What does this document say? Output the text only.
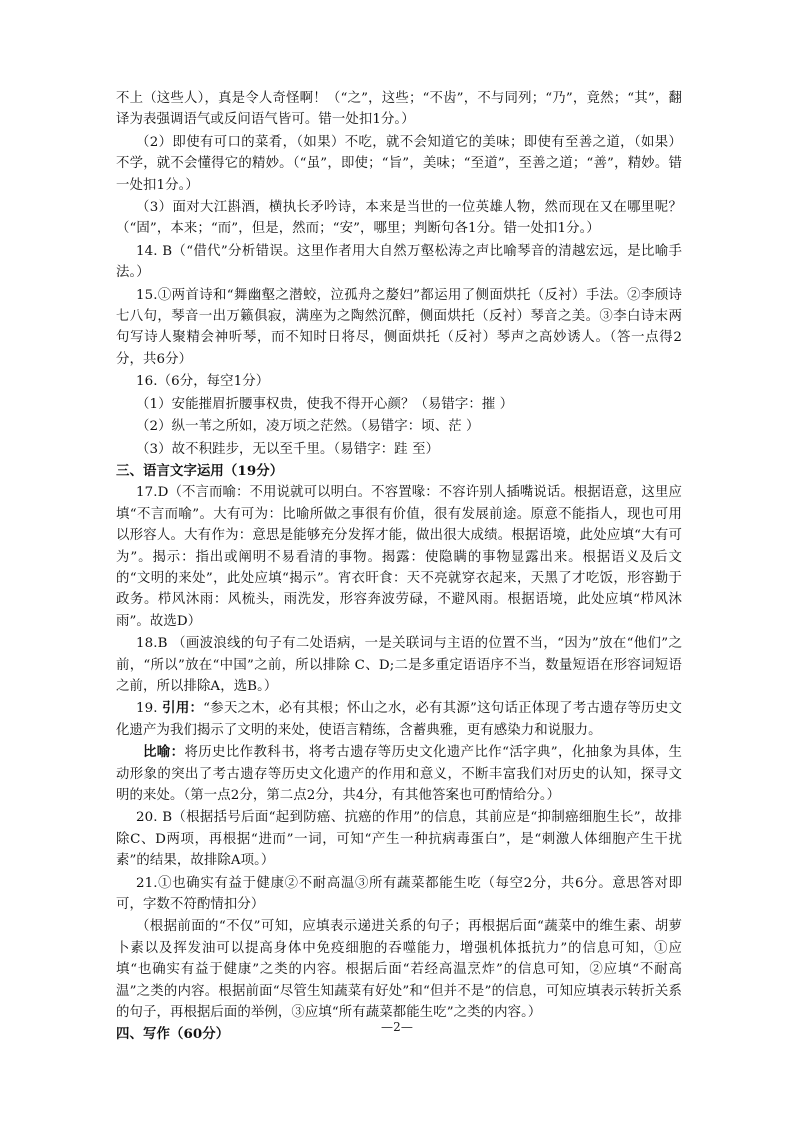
不上（这些人），真是令人奇怪啊！（“之”，这些；“不齿”，不与同列；“乃”，竟然；“其”，翻译为表强调语气或反问语气皆可。错一处扣1分。）

（2）即使有可口的菜肴，（如果）不吃，就不会知道它的美味；即使有至善之道，（如果）不学，就不会懂得它的精妙。（“虽”，即使；“旨”，美味；“至道”，至善之道；“善”，精妙。错一处扣1分。）

（3）面对大江斟酒，横执长矛吟诗，本来是当世的一位英雄人物，然而现在又在哪里呢？（“固”，本来；“而”，但是，然而；“安”，哪里；判断句各1分。错一处扣1分。）

14. B（“借代”分析错误。这里作者用大自然万壑松涛之声比喻琴音的清越宏远，是比喻手法。）

15.①两首诗和“舞幽壑之潜蛟，泣孤舟之嫠妇”都运用了侧面烘托（反衬）手法。②李颀诗七八句，琴音一出万籁俱寂，满座为之陶然沉醉，侧面烘托（反衬）琴音之美。③李白诗末两句写诗人聚精会神听琴，而不知时日将尽，侧面烘托（反衬）琴声之高妙诱人。（答一点得2分，共6分）

16.（6分，每空1分）

（1）安能摧眉折腰事权贵，使我不得开心颜？（易错字：摧 ）

（2）纵一苇之所如，凌万顷之茫然。（易错字：顷、茫 ）

（3）故不积跬步，无以至千里。（易错字：跬 至）

三、语言文字运用（19分）

17.D（不言而喻：不用说就可以明白。不容置喙：不容许别人插嘴说话。根据语意，这里应填“不言而喻”。大有可为：比喻所做之事很有价值，很有发展前途。原意不能指人，现也可用以形容人。大有作为：意思是能够充分发挥才能，做出很大成绩。根据语境，此处应填“大有可为”。揭示：指出或阐明不易看清的事物。揭露：使隐瞒的事物显露出来。根据语义及后文的“文明的来处”，此处应填“揭示”。宵衣旰食：天不亮就穿衣起来，天黑了才吃饭，形容勤于政务。栉风沐雨：风梳头，雨洗发，形容奔波劳碌，不避风雨。根据语境，此处应填“栉风沐雨”。故选D）

18.B （画波浪线的句子有二处语病，一是关联词与主语的位置不当，“因为”放在“他们”之前，“所以”放在“中国”之前，所以排除 C、D;二是多重定语语序不当，数量短语在形容词短语之前，所以排除A，选B。）

19. 引用：“参天之木，必有其根；怀山之水，必有其源”这句话正体现了考古遗存等历史文化遗产为我们揭示了文明的来处，使语言精练，含蓄典雅，更有感染力和说服力。

比喻：将历史比作教科书，将考古遗存等历史文化遗产比作“活字典”，化抽象为具体，生动形象的突出了考古遗存等历史文化遗产的作用和意义，不断丰富我们对历史的认知，探寻文明的来处。（第一点2分，第二点2分，共4分，有其他答案也可酌情给分。）

20. B（根据括号后面“起到防癌、抗癌的作用”的信息，其前应是“抑制癌细胞生长”，故排除C、D两项，再根据“进而”一词，可知“产生一种抗病毒蛋白”，是“刺激人体细胞产生干扰素”的结果，故排除A项。）

21.①也确实有益于健康②不耐高温③所有蔬菜都能生吃（每空2分，共6分。意思答对即可，字数不符酌情扣分）

（根据前面的“不仅”可知，应填表示递进关系的句子；再根据后面“蔬菜中的维生素、胡萝卜素以及挥发油可以提高身体中免疫细胞的吞噬能力，增强机体抵抗力”的信息可知，①应填“也确实有益于健康”之类的内容。根据后面“若经高温烹炸”的信息可知，②应填“不耐高温”之类的内容。根据前面“尽管生知蔬菜有好处”和“但并不是”的信息，可知应填表示转折关系的句子，再根据后面的举例，③应填“所有蔬菜都能生吃”之类的内容。）

四、写作（60分）	—2—
